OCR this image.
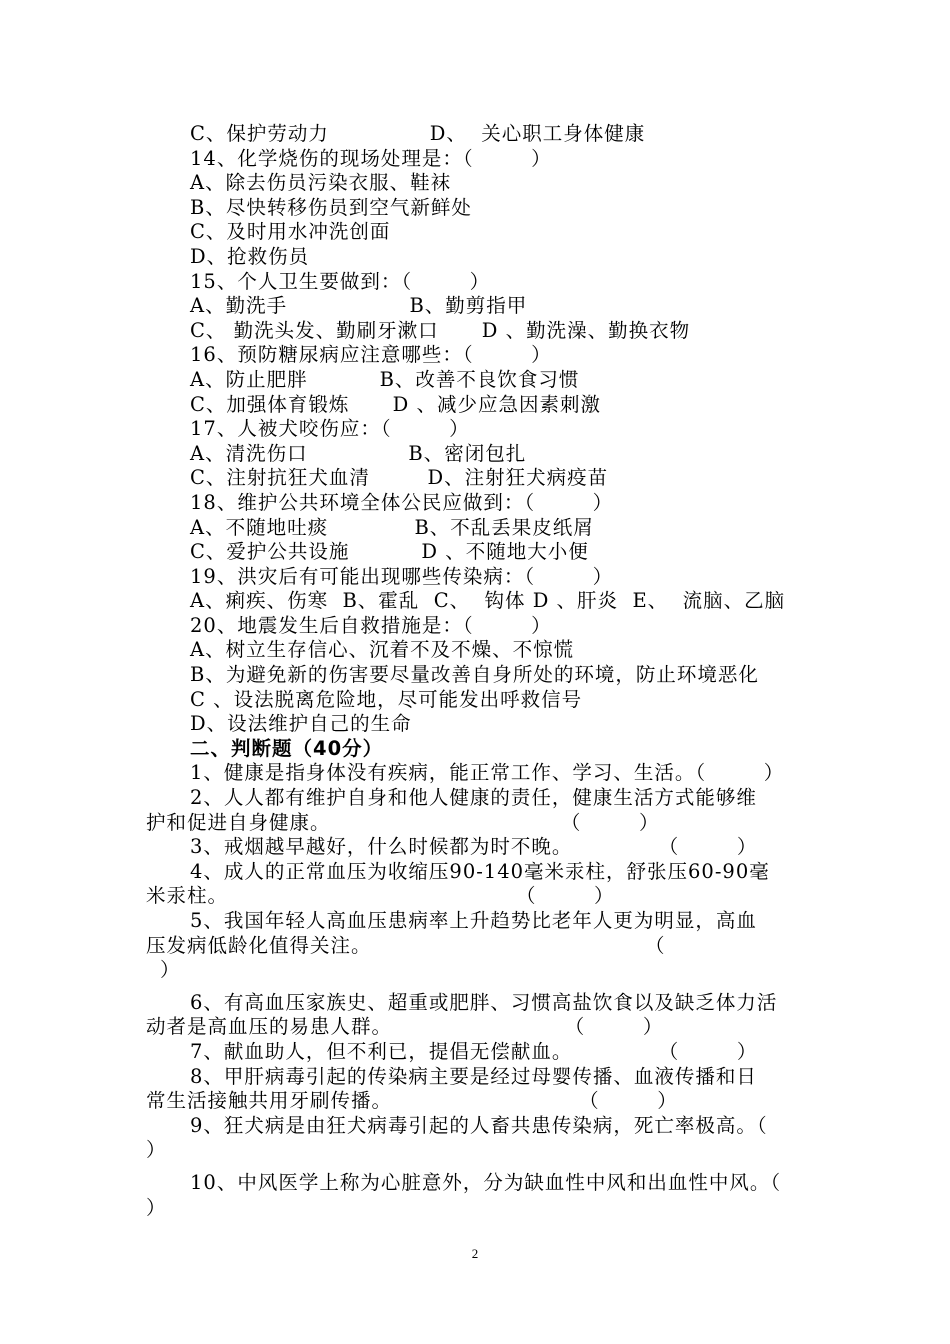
C、保护劳动力              D、  关心职工身体健康
14、化学烧伤的现场处理是：（        ）
A、除去伤员污染衣服、鞋袜
B、尽快转移伤员到空气新鲜处
C、及时用水冲洗创面
D、抢救伤员
15、个人卫生要做到：（        ）
A、勤洗手                 B、勤剪指甲
C、 勤洗头发、勤刷牙漱口      D 、勤洗澡、勤换衣物
16、预防糖尿病应注意哪些：（        ）
A、防止肥胖          B、改善不良饮食习惯
C、加强体育锻炼      D 、减少应急因素刺激
17、人被犬咬伤应：（        ）
A、清洗伤口              B、密闭包扎
C、注射抗狂犬血清        D、注射狂犬病疫苗
18、维护公共环境全体公民应做到：（        ）
A、不随地吐痰            B、不乱丢果皮纸屑
C、爱护公共设施          D 、不随地大小便
19、洪灾后有可能出现哪些传染病：（        ）
A、痢疾、伤寒  B、霍乱  C、  钩体 D 、肝炎  E、  流脑、乙脑
20、地震发生后自救措施是：（        ）
A、树立生存信心、沉着不及不燥、不惊慌
B、为避免新的伤害要尽量改善自身所处的环境，防止环境恶化
C 、设法脱离危险地，尽可能发出呼救信号
D、设法维护自己的生命
二、判断题（40分）
1、健康是指身体没有疾病，能正常工作、学习、生活。（        ）
2、人人都有维护自身和他人健康的责任，健康生活方式能够维
护和促进自身健康。                                （        ）
3、戒烟越早越好，什么时候都为时不晚。            （        ）
4、成人的正常血压为收缩压90-140毫米汞柱，舒张压60-90毫
米汞柱。                                        （        ）
5、我国年轻人高血压患病率上升趋势比老年人更为明显，高血
压发病低龄化值得关注。                                      （
）
6、有高血压家族史、超重或肥胖、习惯高盐饮食以及缺乏体力活
动者是高血压的易患人群。                        （        ）
7、献血助人，但不利已，提倡无偿献血。            （        ）
8、甲肝病毒引起的传染病主要是经过母婴传播、血液传播和日
常生活接触共用牙刷传播。                          （        ）
9、狂犬病是由狂犬病毒引起的人畜共患传染病，死亡率极高。（
）
10、中风医学上称为心脏意外，分为缺血性中风和出血性中风。（
）
2
